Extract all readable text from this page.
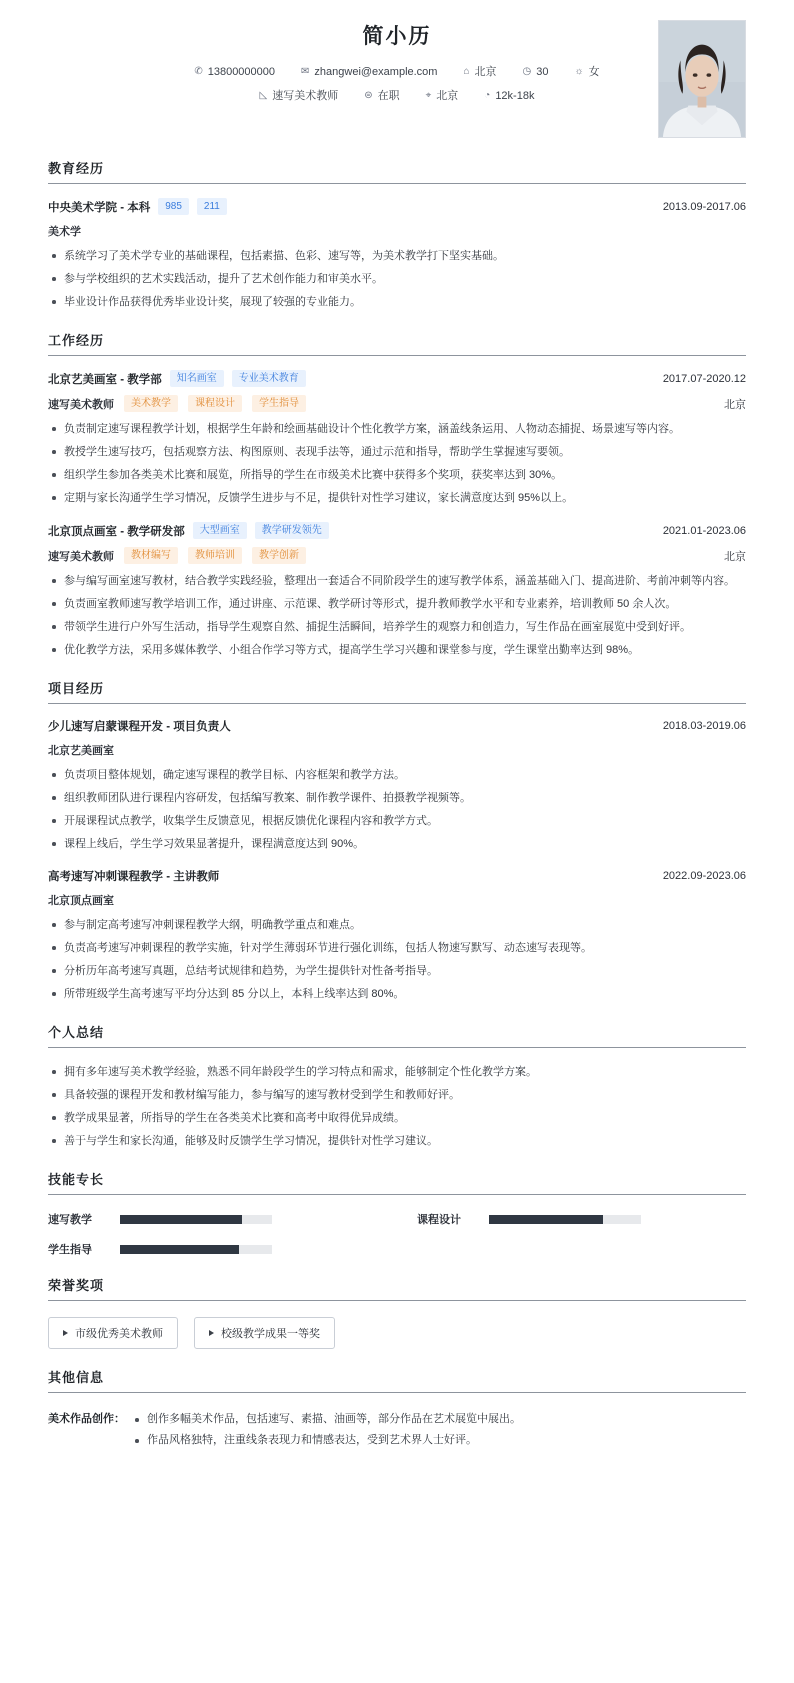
简小历
✆ 13800000000	✉ zhangwei@example.com	⌂ 北京	◷ 30	☼ 女
◺ 速写美术教师	⊜ 在职	⌖ 北京	◔ 12k-18k
教育经历
中央美术学院 - 本科	985	211	2013.09-2017.06
美术学
系统学习了美术学专业的基础课程，包括素描、色彩、速写等，为美术教学打下坚实基础。
参与学校组织的艺术实践活动，提升了艺术创作能力和审美水平。
毕业设计作品获得优秀毕业设计奖，展现了较强的专业能力。
工作经历
北京艺美画室 - 教学部	知名画室	专业美术教育	2017.07-2020.12
速写美术教师	美术教学	课程设计	学生指导	北京
负责制定速写课程教学计划，根据学生年龄和绘画基础设计个性化教学方案，涵盖线条运用、人物动态捕捉、场景速写等内容。
教授学生速写技巧，包括观察方法、构图原则、表现手法等，通过示范和指导，帮助学生掌握速写要领。
组织学生参加各类美术比赛和展览，所指导的学生在市级美术比赛中获得多个奖项，获奖率达到 30%。
定期与家长沟通学生学习情况，反馈学生进步与不足，提供针对性学习建议，家长满意度达到 95%以上。
北京顶点画室 - 教学研发部	大型画室	教学研发领先	2021.01-2023.06
速写美术教师	教材编写	教师培训	教学创新	北京
参与编写画室速写教材，结合教学实践经验，整理出一套适合不同阶段学生的速写教学体系，涵盖基础入门、提高进阶、考前冲刺等内容。
负责画室教师速写教学培训工作，通过讲座、示范课、教学研讨等形式，提升教师教学水平和专业素养，培训教师 50 余人次。
带领学生进行户外写生活动，指导学生观察自然、捕捉生活瞬间，培养学生的观察力和创造力，写生作品在画室展览中受到好评。
优化教学方法，采用多媒体教学、小组合作学习等方式，提高学生学习兴趣和课堂参与度，学生课堂出勤率达到 98%。
项目经历
少儿速写启蒙课程开发 - 项目负责人	2018.03-2019.06
北京艺美画室
负责项目整体规划，确定速写课程的教学目标、内容框架和教学方法。
组织教师团队进行课程内容研发，包括编写教案、制作教学课件、拍摄教学视频等。
开展课程试点教学，收集学生反馈意见，根据反馈优化课程内容和教学方式。
课程上线后，学生学习效果显著提升，课程满意度达到 90%。
高考速写冲刺课程教学 - 主讲教师	2022.09-2023.06
北京顶点画室
参与制定高考速写冲刺课程教学大纲，明确教学重点和难点。
负责高考速写冲刺课程的教学实施，针对学生薄弱环节进行强化训练，包括人物速写默写、动态速写表现等。
分析历年高考速写真题，总结考试规律和趋势，为学生提供针对性备考指导。
所带班级学生高考速写平均分达到 85 分以上，本科上线率达到 80%。
个人总结
拥有多年速写美术教学经验，熟悉不同年龄段学生的学习特点和需求，能够制定个性化教学方案。
具备较强的课程开发和教材编写能力，参与编写的速写教材受到学生和教师好评。
教学成果显著，所指导的学生在各类美术比赛和高考中取得优异成绩。
善于与学生和家长沟通，能够及时反馈学生学习情况，提供针对性学习建议。
技能专长
速写教学	课程设计
学生指导
荣誉奖项
市级优秀美术教师	校级教学成果一等奖
其他信息
美术作品创作：	创作多幅美术作品，包括速写、素描、油画等，部分作品在艺术展览中展出。
作品风格独特，注重线条表现力和情感表达，受到艺术界人士好评。
